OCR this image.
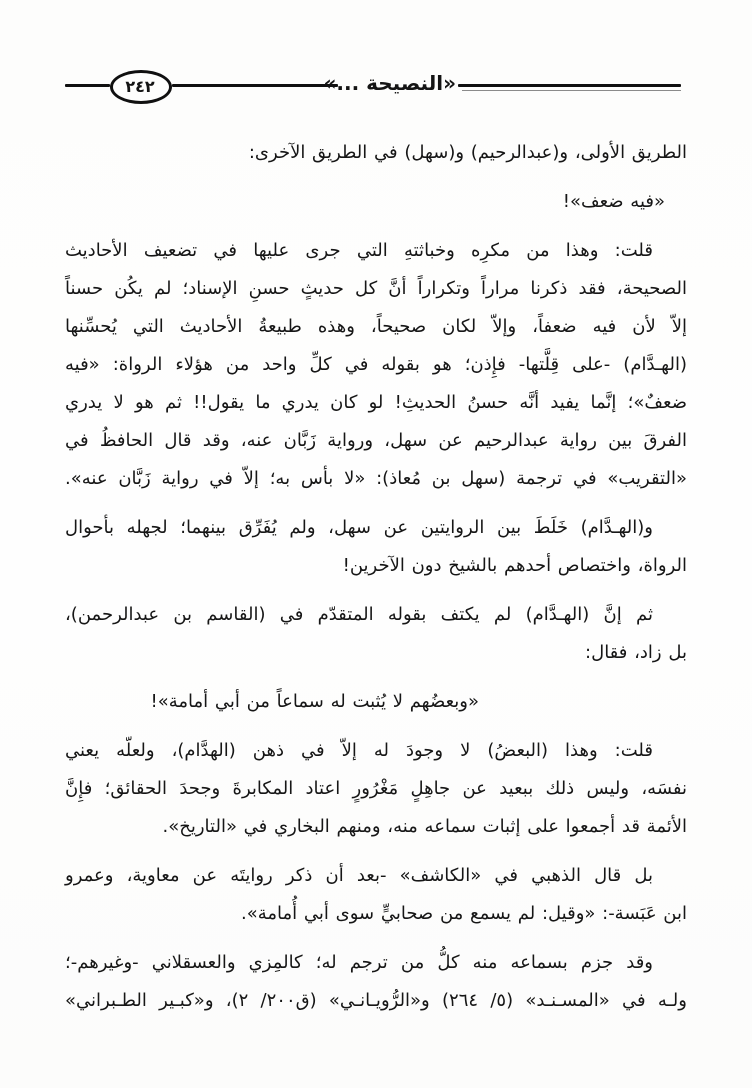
٢٤٢	«النصيحة ...»
الطريق الأولى، و(عبدالرحيم) و(سهل) في الطريق الآخرى:
«فيه ضعف»!
قلت: وهذا من مكرِه وخباثتهِ التي جرى عليها في تضعيف الأحاديث
الصحيحة، فقد ذكرنا مراراً وتكراراً أنَّ كل حديثٍ حسنِ الإسناد؛ لم يكُن حسناً
إلاّ لأن فيه ضعفاً، وإلاّ لكان صحيحاً، وهذه طبيعةُ الأحاديث التي يُحسِّنها
(الهـدَّام) -على قِلَّتها- فإِذن؛ هو بقوله في كلِّ واحد من هؤلاء الرواة: «فيه
ضعفٌ»؛ إنَّما يفيد أنَّه حسنُ الحديثِ! لو كان يدري ما يقول!! ثم هو لا يدري
الفرقَ بين رواية عبدالرحيم عن سهل، ورواية زَبَّان عنه، وقد قال الحافظُ في
«التقريب» في ترجمة (سهل بن مُعاذ): «لا بأس به؛ إلاّ في رواية زَبَّان عنه».
و(الهـدَّام) خَلَطَ بين الروايتين عن سهل، ولم يُفَرِّق بينهما؛ لجهله بأحوال
الرواة، واختصاص أحدهم بالشيخ دون الآخرين!
ثم إنَّ (الهـدَّام) لم يكتف بقوله المتقدّم في (القاسم بن عبدالرحمن)،
بل زاد، فقال:
«وبعضُهم لا يُثبت له سماعاً من أبي أمامة»!
قلت: وهذا (البعضُ) لا وجودَ له إلاّ في ذهن (الهدَّام)، ولعلّه يعني
نفسَه، وليس ذلك ببعيد عن جاهِلٍ مَغْرُورٍ اعتاد المكابرةَ وجحدَ الحقائق؛ فإِنَّ
الأئمة قد أجمعوا على إثبات سماعه منه، ومنهم البخاري في «التاريخ».
بل قال الذهبي في «الكاشف» -بعد أن ذكر روايتَه عن معاوية، وعمرو
ابن عَبَسة-: «وقيل: لم يسمع من صحابيٍّ سوى أبي أُمامة».
وقد جزم بسماعه منه كلُّ من ترجم له؛ كالمِزي والعسقلاني -وغيرهم-؛
ولـه في «المسـنـد» (٥/ ٢٦٤) و«الرُّويـانـي» (ق٢٠٠/ ٢)، و«كبـير الطـبراني»
